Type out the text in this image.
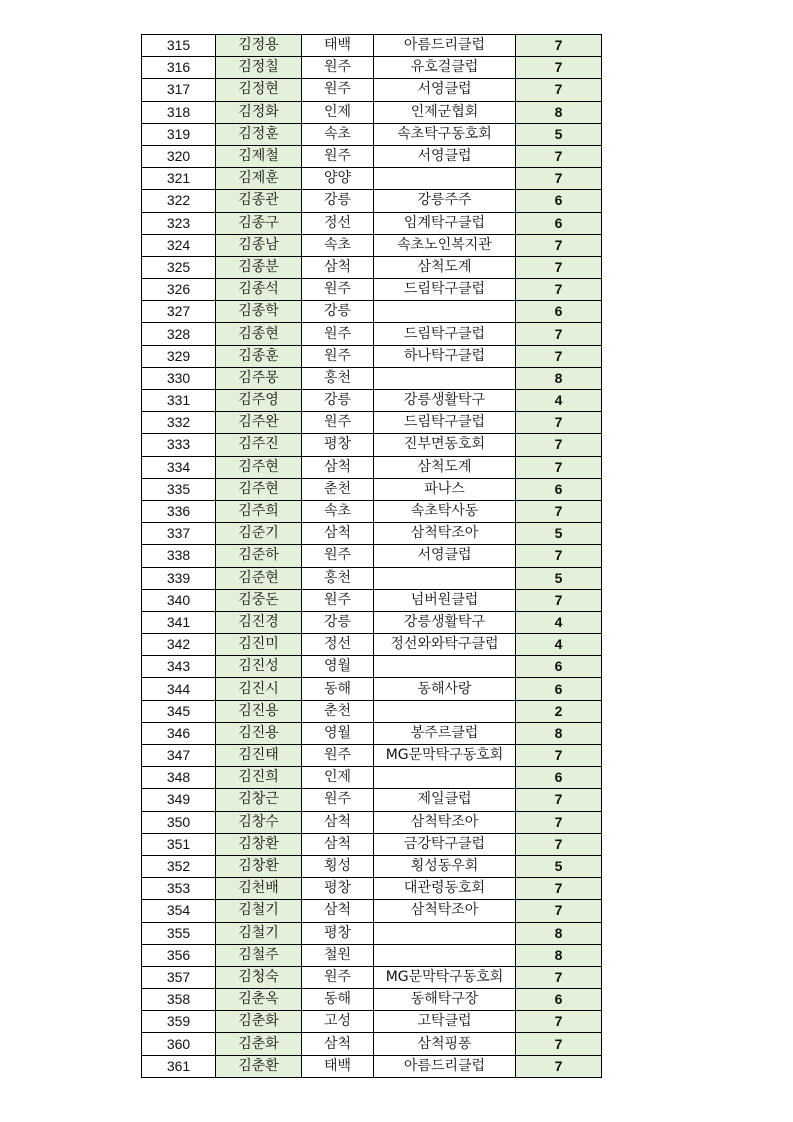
315	김정용	태백	아름드리클럽	7
316	김정칠	원주	유호걸클럽	7
317	김정현	원주	서영클럽	7
318	김정화	인제	인제군협회	8
319	김정훈	속초	속초탁구동호회	5
320	김제철	원주	서영클럽	7
321	김제훈	양양		7
322	김종관	강릉	강릉주주	6
323	김종구	정선	임계탁구클럽	6
324	김종남	속초	속초노인복지관	7
325	김종분	삼척	삼척도계	7
326	김종석	원주	드림탁구클럽	7
327	김종학	강릉		6
328	김종현	원주	드림탁구클럽	7
329	김종훈	원주	하나탁구클럽	7
330	김주몽	홍천		8
331	김주영	강릉	강릉생활탁구	4
332	김주완	원주	드림탁구클럽	7
333	김주진	평창	진부면동호회	7
334	김주현	삼척	삼척도계	7
335	김주현	춘천	파나스	6
336	김주희	속초	속초탁사동	7
337	김준기	삼척	삼척탁조아	5
338	김준하	원주	서영클럽	7
339	김준현	홍천		5
340	김중돈	원주	넘버원클럽	7
341	김진경	강릉	강릉생활탁구	4
342	김진미	정선	정선와와탁구클럽	4
343	김진성	영월		6
344	김진시	동해	동해사랑	6
345	김진용	춘천		2
346	김진용	영월	봉주르클럽	8
347	김진태	원주	MG문막탁구동호회	7
348	김진희	인제		6
349	김창근	원주	제일클럽	7
350	김창수	삼척	삼척탁조아	7
351	김창환	삼척	금강탁구클럽	7
352	김창환	횡성	횡성동우회	5
353	김천배	평창	대관령동호회	7
354	김철기	삼척	삼척탁조아	7
355	김철기	평창		8
356	김철주	철원		8
357	김청숙	원주	MG문막탁구동호회	7
358	김춘옥	동해	동해탁구장	6
359	김춘화	고성	고탁클럽	7
360	김춘화	삼척	삼척핑퐁	7
361	김춘환	태백	아름드리클럽	7
